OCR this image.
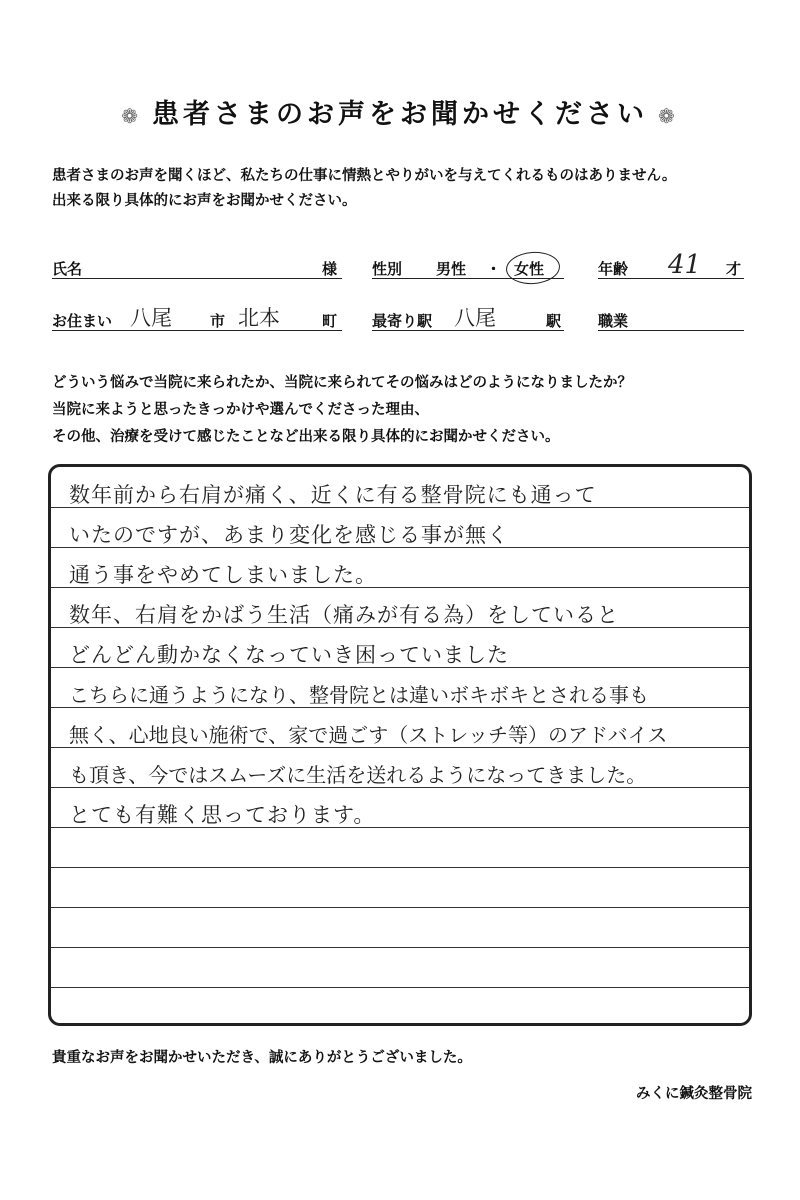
❁ 患者さまのお声をお聞かせください ❁
患者さまのお声を聞くほど、私たちの仕事に情熱とやりがいを与えてくれるものはありません。
出来る限り具体的にお声をお聞かせください。
氏名	様 性別 男性 ・ 女性	年齢 41 才
お住まい 八尾	市 北本	町 最寄り駅 八尾	駅 職業
どういう悩みで当院に来られたか、当院に来られてその悩みはどのようになりましたか？
当院に来ようと思ったきっかけや選んでくださった理由、
その他、治療を受けて感じたことなど出来る限り具体的にお聞かせください。
数年前から右肩が痛く、近くに有る整骨院にも通って
いたのですが、あまり変化を感じる事が無く
通う事をやめてしまいました。
数年、右肩をかばう生活（痛みが有る為）をしていると
どんどん動かなくなっていき困っていました
こちらに通うようになり、整骨院とは違いボキボキとされる事も
無く、心地良い施術で、家で過ごす（ストレッチ等）のアドバイス
も頂き、今ではスムーズに生活を送れるようになってきました。
とても有難く思っております。
貴重なお声をお聞かせいただき、誠にありがとうございました。
みくに鍼灸整骨院
